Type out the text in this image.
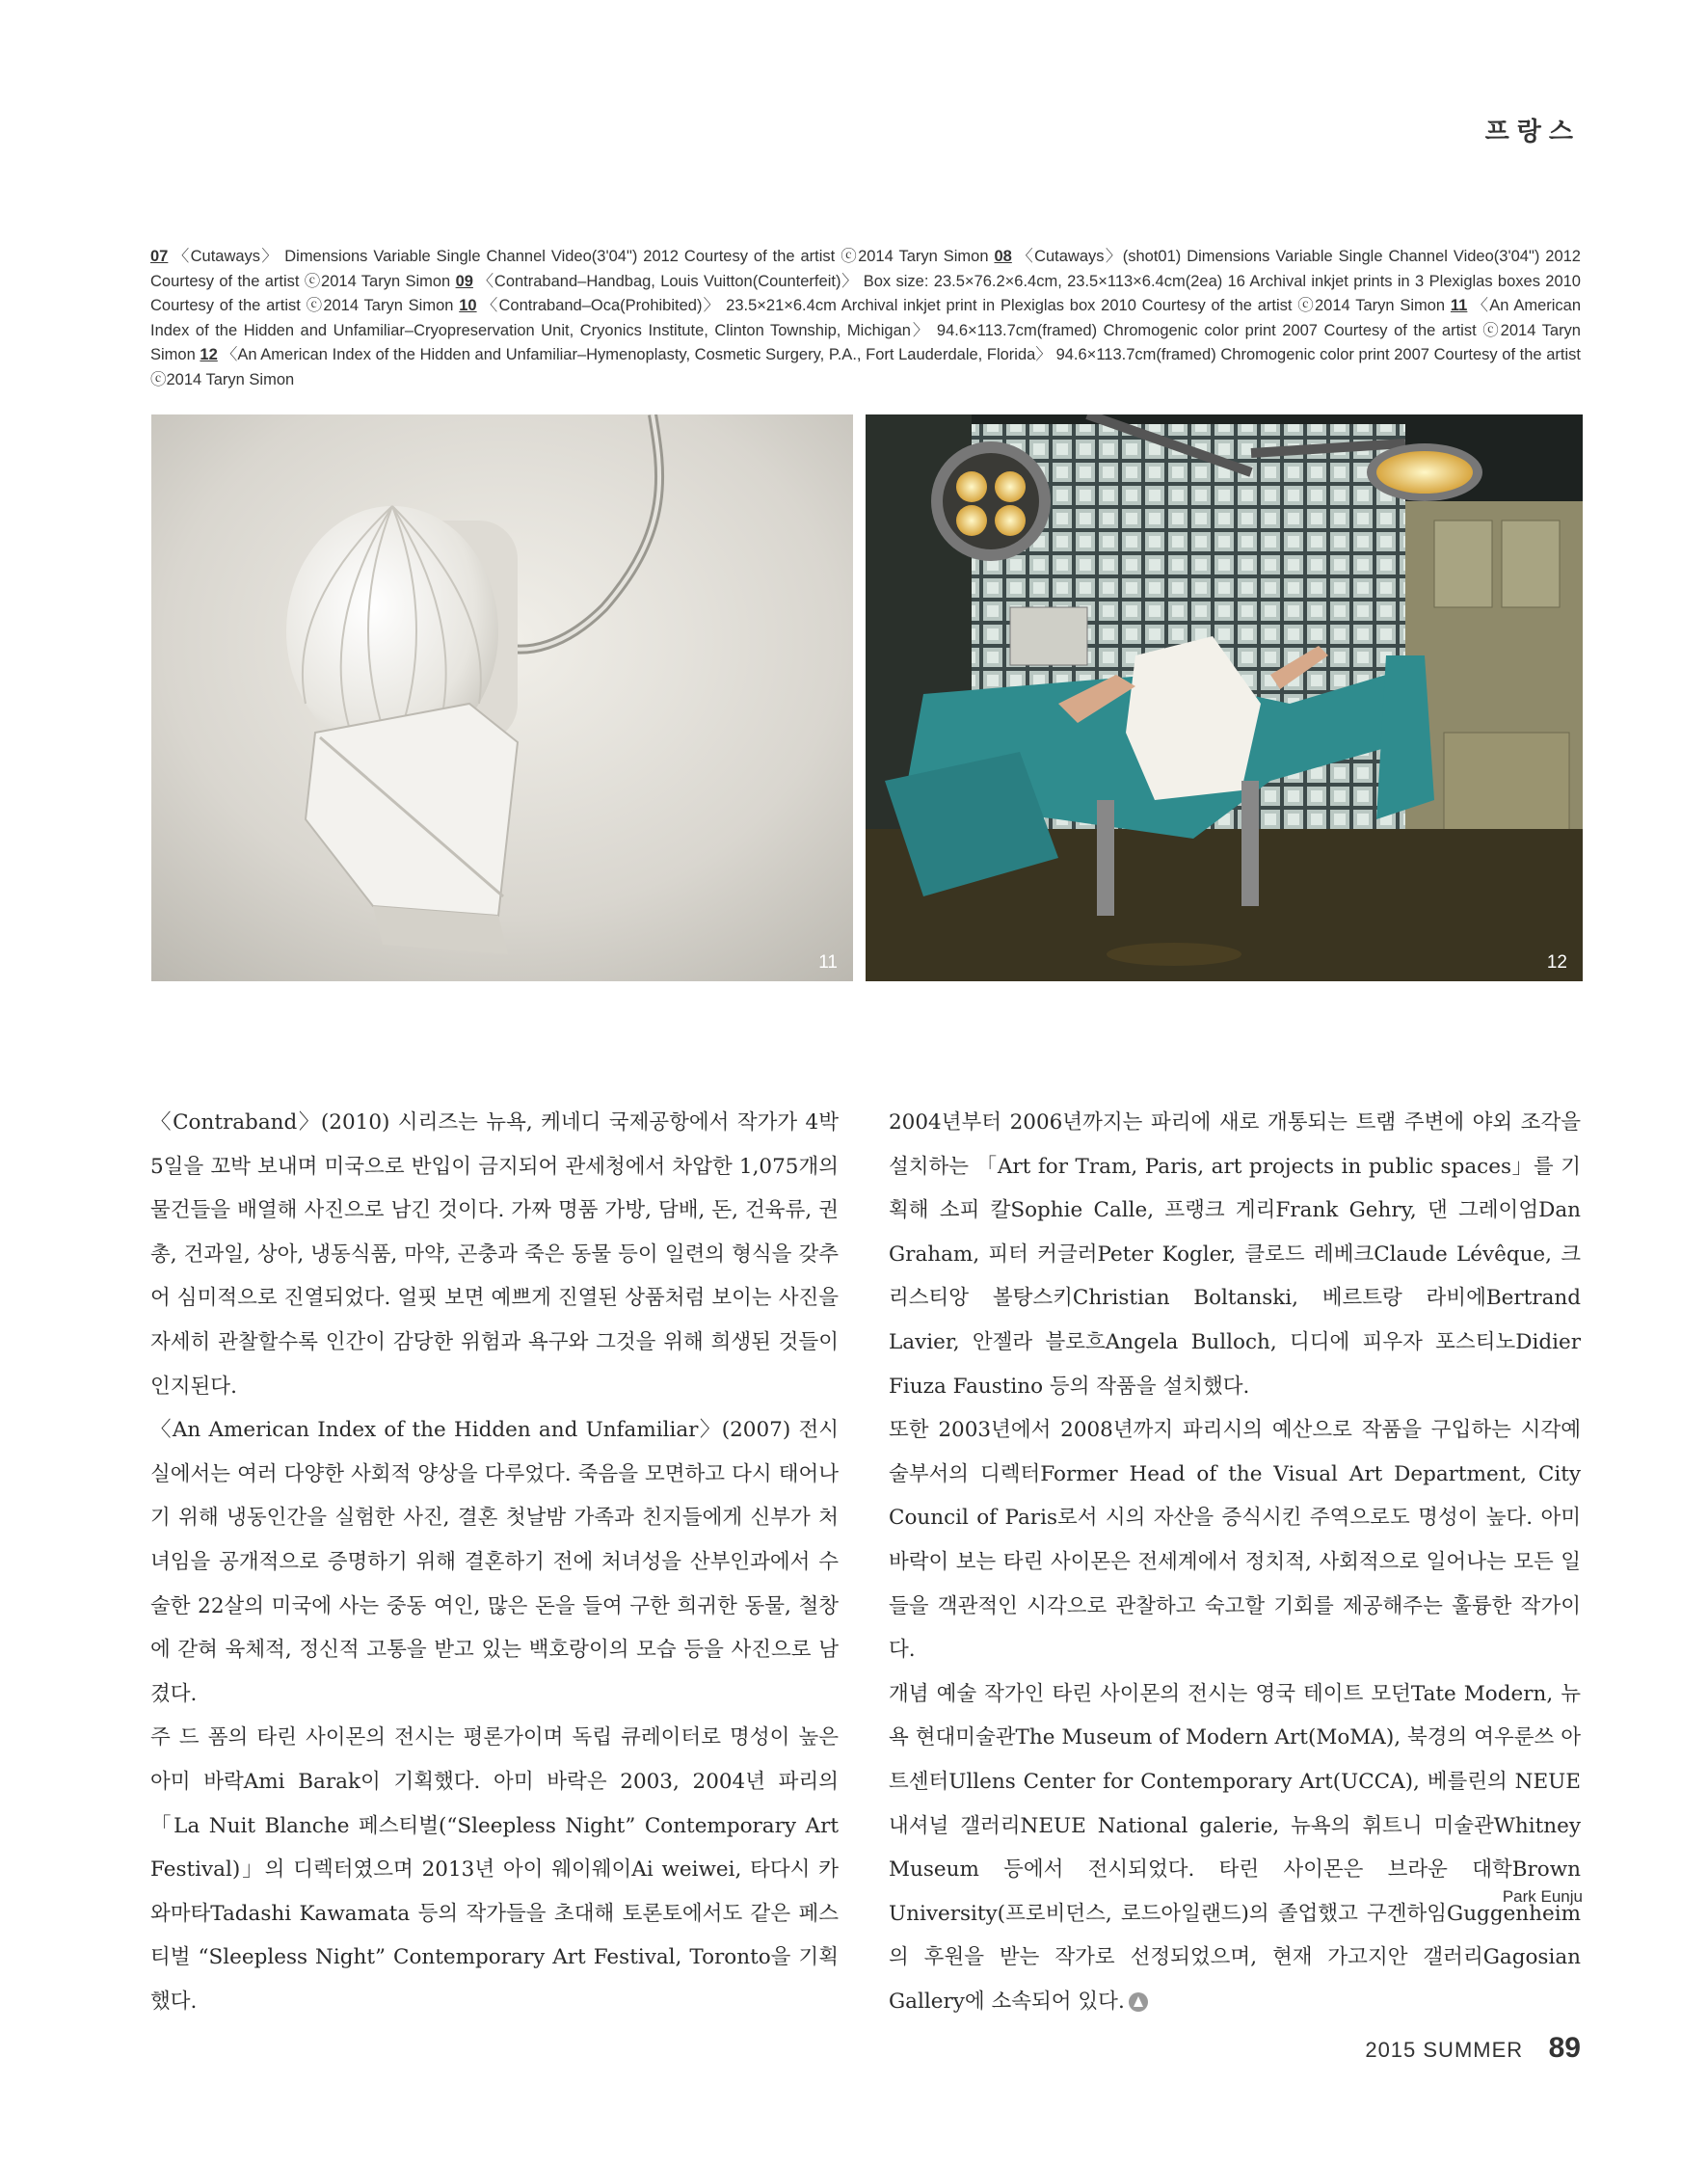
프랑스
07 〈Cutaways〉 Dimensions Variable Single Channel Video(3'04") 2012 Courtesy of the artist ⓒ2014 Taryn Simon 08 〈Cutaways〉(shot01) Dimensions Variable Single Channel Video(3'04") 2012 Courtesy of the artist ⓒ2014 Taryn Simon 09 〈Contraband–Handbag, Louis Vuitton(Counterfeit)〉 Box size: 23.5×76.2×6.4cm, 23.5×113×6.4cm(2ea) 16 Archival inkjet prints in 3 Plexiglas boxes 2010 Courtesy of the artist ⓒ2014 Taryn Simon 10 〈Contraband–Oca(Prohibited)〉 23.5×21×6.4cm Archival inkjet print in Plexiglas box 2010 Courtesy of the artist ⓒ2014 Taryn Simon 11 〈An American Index of the Hidden and Unfamiliar–Cryopreservation Unit, Cryonics Institute, Clinton Township, Michigan〉 94.6×113.7cm(framed) Chromogenic color print 2007 Courtesy of the artist ⓒ2014 Taryn Simon 12 〈An American Index of the Hidden and Unfamiliar–Hymenoplasty, Cosmetic Surgery, P.A., Fort Lauderdale, Florida〉 94.6×113.7cm(framed) Chromogenic color print 2007 Courtesy of the artist ⓒ2014 Taryn Simon
11	12

〈Contraband〉(2010) 시리즈는 뉴욕, 케네디 국제공항에서 작가가 4박 5일을 꼬박 보내며 미국으로 반입이 금지되어 관세청에서 차압한 1,075개의 물건들을 배열해 사진으로 남긴 것이다. 가짜 명품 가방, 담배, 돈, 건육류, 권총, 건과일, 상아, 냉동식품, 마약, 곤충과 죽은 동물 등이 일련의 형식을 갖추어 심미적으로 진열되었다. 얼핏 보면 예쁘게 진열된 상품처럼 보이는 사진을 자세히 관찰할수록 인간이 감당한 위험과 욕구와 그것을 위해 희생된 것들이 인지된다.

〈An American Index of the Hidden and Unfamiliar〉(2007) 전시실에서는 여러 다양한 사회적 양상을 다루었다. 죽음을 모면하고 다시 태어나기 위해 냉동인간을 실험한 사진, 결혼 첫날밤 가족과 친지들에게 신부가 처녀임을 공개적으로 증명하기 위해 결혼하기 전에 처녀성을 산부인과에서 수술한 22살의 미국에 사는 중동 여인, 많은 돈을 들여 구한 희귀한 동물, 철창에 갇혀 육체적, 정신적 고통을 받고 있는 백호랑이의 모습 등을 사진으로 남겼다.

주 드 폼의 타린 사이몬의 전시는 평론가이며 독립 큐레이터로 명성이 높은 아미 바락Ami Barak이 기획했다. 아미 바락은 2003, 2004년 파리의 「La Nuit Blanche 페스티벌(“Sleepless Night” Contemporary Art Festival)」의 디렉터였으며 2013년 아이 웨이웨이Ai weiwei, 타다시 카와마타Tadashi Kawamata 등의 작가들을 초대해 토론토에서도 같은 페스티벌 “Sleepless Night” Contemporary Art Festival, Toronto을 기획했다.

2004년부터 2006년까지는 파리에 새로 개통되는 트램 주변에 야외 조각을 설치하는 「Art for Tram, Paris, art projects in public spaces」를 기획해 소피 칼Sophie Calle, 프랭크 게리Frank Gehry, 댄 그레이엄Dan Graham, 피터 커글러Peter Kogler, 클로드 레베크Claude Lévêque, 크리스티앙 볼탕스키Christian Boltanski, 베르트랑 라비에Bertrand Lavier, 안젤라 블로흐Angela Bulloch, 디디에 피우자 포스티노Didier Fiuza Faustino 등의 작품을 설치했다.

또한 2003년에서 2008년까지 파리시의 예산으로 작품을 구입하는 시각예술부서의 디렉터Former Head of the Visual Art Department, City Council of Paris로서 시의 자산을 증식시킨 주역으로도 명성이 높다. 아미 바락이 보는 타린 사이몬은 전세계에서 정치적, 사회적으로 일어나는 모든 일들을 객관적인 시각으로 관찰하고 숙고할 기회를 제공해주는 훌륭한 작가이다.

개념 예술 작가인 타린 사이몬의 전시는 영국 테이트 모던Tate Modern, 뉴욕 현대미술관The Museum of Modern Art(MoMA), 북경의 여우룬쓰 아트센터Ullens Center for Contemporary Art(UCCA), 베를린의 NEUE 내셔널 갤러리NEUE National galerie, 뉴욕의 휘트니 미술관Whitney Museum 등에서 전시되었다. 타린 사이몬은 브라운 대학Brown University(프로비던스, 로드아일랜드)의 졸업했고 구겐하임Guggenheim의 후원을 받는 작가로 선정되었으며, 현재 가고지안 갤러리Gagosian Gallery에 소속되어 있다.

Park Eunju
2015 SUMMER 89
